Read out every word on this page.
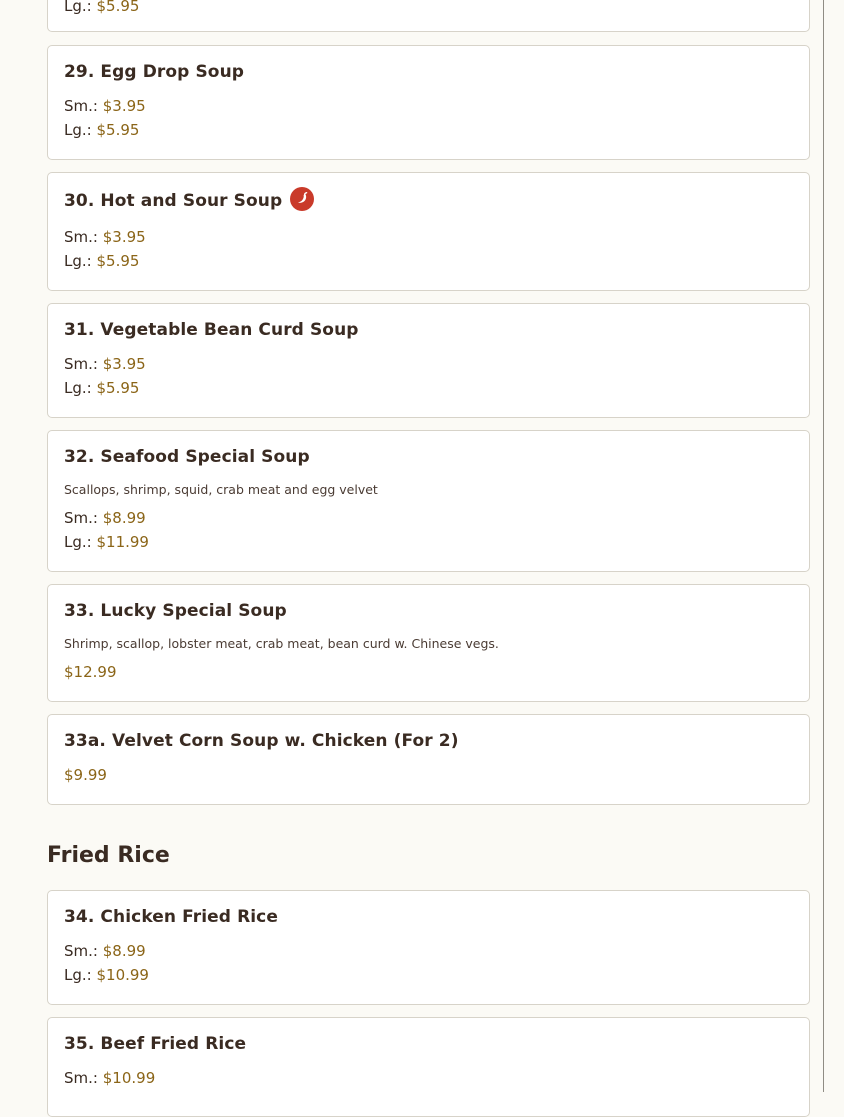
Lg.: $5.95
29. Egg Drop Soup
Sm.: $3.95
Lg.: $5.95
30. Hot and Sour Soup
Sm.: $3.95
Lg.: $5.95
31. Vegetable Bean Curd Soup
Sm.: $3.95
Lg.: $5.95
32. Seafood Special Soup
Scallops, shrimp, squid, crab meat and egg velvet
Sm.: $8.99
Lg.: $11.99
33. Lucky Special Soup
Shrimp, scallop, lobster meat, crab meat, bean curd w. Chinese vegs.
$12.99
33a. Velvet Corn Soup w. Chicken (For 2)
$9.99
Fried Rice
34. Chicken Fried Rice
Sm.: $8.99
Lg.: $10.99
35. Beef Fried Rice
Sm.: $10.99
